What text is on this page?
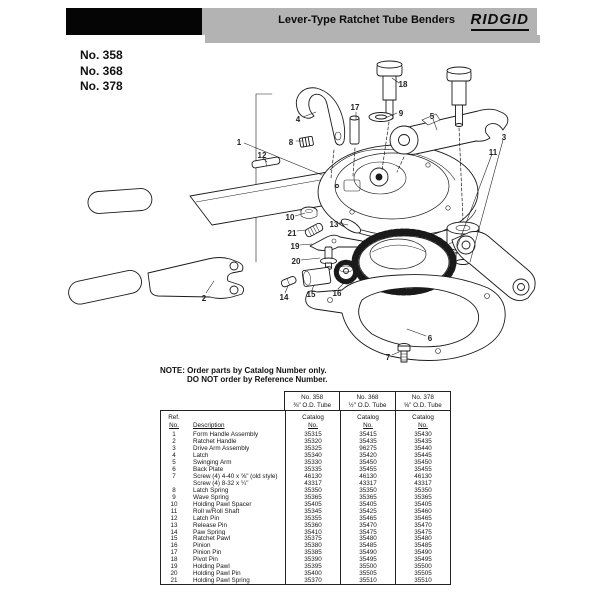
Lever-Type Ratchet Tube Benders RIDGID
No. 358
No. 368
No. 378
1
2
3
4	5
6
7
8
9
10
11
12
13
14 15 16
17
18
19
20
21
NOTE: Order parts by Catalog Number only.
DO NOT order by Reference Number.
No. 358
⅜" O.D. Tube
No. 368
½" O.D. Tube
No. 378
⅝" O.D. Tube
Ref.
No.	Description
Catalog
No.
Catalog
No.
Catalog
No.
1	Form Handle Assembly	35315	35415	35430
2	Ratchet Handle	35320	35435	35435
3	Drive Arm Assembly	35325	96275	35440
4	Latch	35340	35420	35445
5	Swinging Arm	35330	35450	35450
6	Back Plate	35335	35455	35455
7	Screw (4) 4-40 x ⅝" (old style)	46130	46130	46130
Screw (4) 8-32 x ¼"	43317	43317	43317
8	Latch Spring	35350	35350	35350
9	Wave Spring	35365	35365	35365
10	Holding Pawl Spacer	35405	35405	35405
11	Roll w/Roll Shaft	35345	35425	35460
12	Latch Pin	35355	35465	35465
13	Release Pin	35360	35470	35470
14	Paw Spring	35410	35475	35475
15	Ratchet Pawl	35375	35480	35480
16	Pinion	35380	35485	35485
17	Pinion Pin	35385	35490	35490
18	Pivot Pin	35390	35495	35495
19	Holding Pawl	35395	35500	35500
20	Holding Pawl Pin	35400	35505	35505
21	Holding Pawl Spring	35370	35510	35510
